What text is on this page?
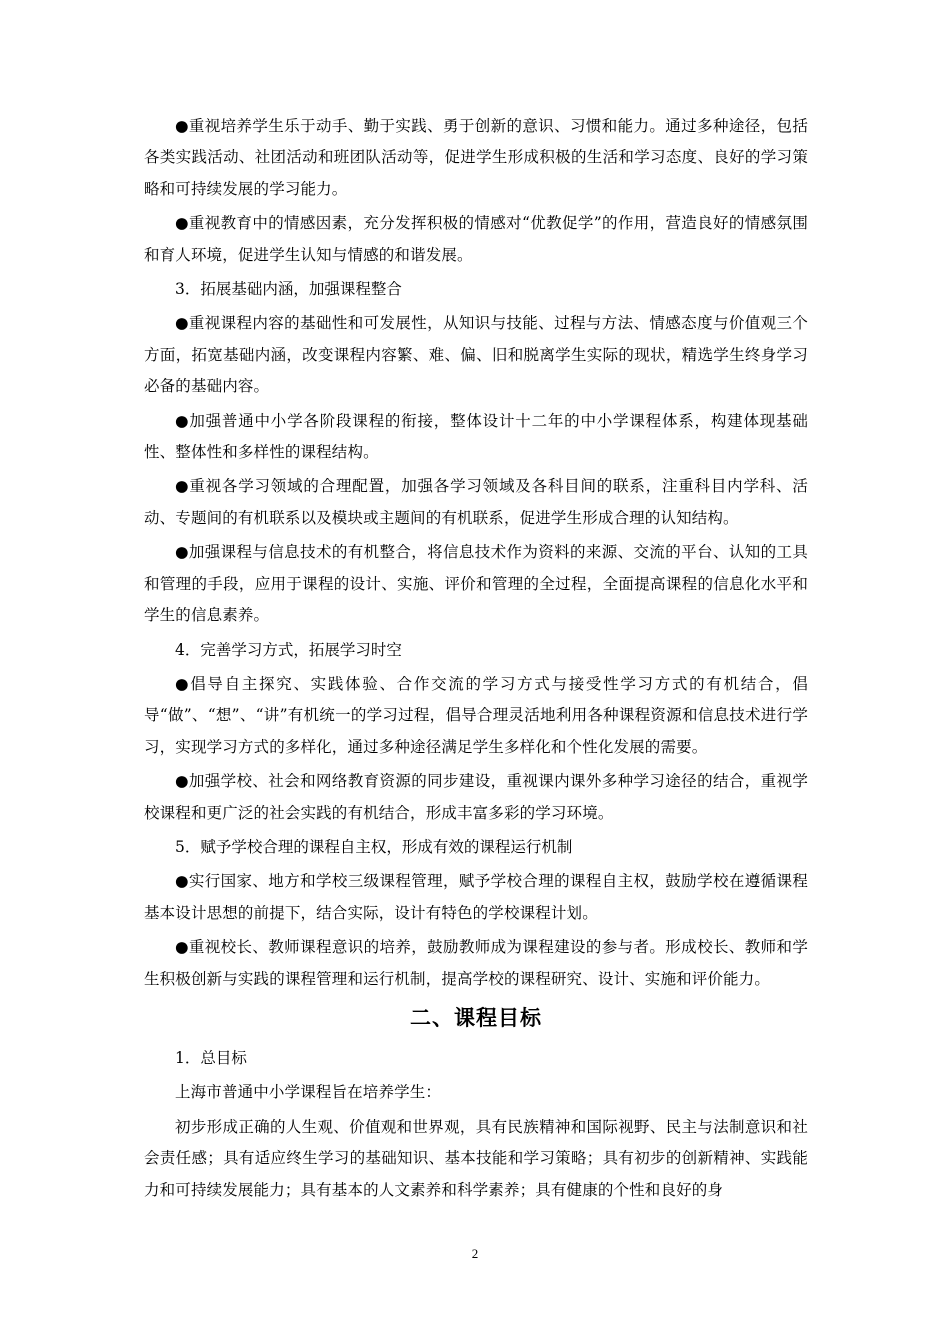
●重视培养学生乐于动手、勤于实践、勇于创新的意识、习惯和能力。通过多种途径，包括各类实践活动、社团活动和班团队活动等，促进学生形成积极的生活和学习态度、良好的学习策略和可持续发展的学习能力。

●重视教育中的情感因素，充分发挥积极的情感对“优教促学”的作用，营造良好的情感氛围和育人环境，促进学生认知与情感的和谐发展。

3．拓展基础内涵，加强课程整合

●重视课程内容的基础性和可发展性，从知识与技能、过程与方法、情感态度与价值观三个方面，拓宽基础内涵，改变课程内容繁、难、偏、旧和脱离学生实际的现状，精选学生终身学习必备的基础内容。

●加强普通中小学各阶段课程的衔接，整体设计十二年的中小学课程体系，构建体现基础性、整体性和多样性的课程结构。

●重视各学习领域的合理配置，加强各学习领域及各科目间的联系，注重科目内学科、活动、专题间的有机联系以及模块或主题间的有机联系，促进学生形成合理的认知结构。

●加强课程与信息技术的有机整合，将信息技术作为资料的来源、交流的平台、认知的工具和管理的手段，应用于课程的设计、实施、评价和管理的全过程，全面提高课程的信息化水平和学生的信息素养。

4．完善学习方式，拓展学习时空

●倡导自主探究、实践体验、合作交流的学习方式与接受性学习方式的有机结合，倡导“做”、“想”、“讲”有机统一的学习过程，倡导合理灵活地利用各种课程资源和信息技术进行学习，实现学习方式的多样化，通过多种途径满足学生多样化和个性化发展的需要。

●加强学校、社会和网络教育资源的同步建设，重视课内课外多种学习途径的结合，重视学校课程和更广泛的社会实践的有机结合，形成丰富多彩的学习环境。

5．赋予学校合理的课程自主权，形成有效的课程运行机制

●实行国家、地方和学校三级课程管理，赋予学校合理的课程自主权，鼓励学校在遵循课程基本设计思想的前提下，结合实际，设计有特色的学校课程计划。

●重视校长、教师课程意识的培养，鼓励教师成为课程建设的参与者。形成校长、教师和学生积极创新与实践的课程管理和运行机制，提高学校的课程研究、设计、实施和评价能力。

二、课程目标

1．总目标

上海市普通中小学课程旨在培养学生：

初步形成正确的人生观、价值观和世界观，具有民族精神和国际视野、民主与法制意识和社会责任感；具有适应终生学习的基础知识、基本技能和学习策略；具有初步的创新精神、实践能力和可持续发展能力；具有基本的人文素养和科学素养；具有健康的个性和良好的身

2
